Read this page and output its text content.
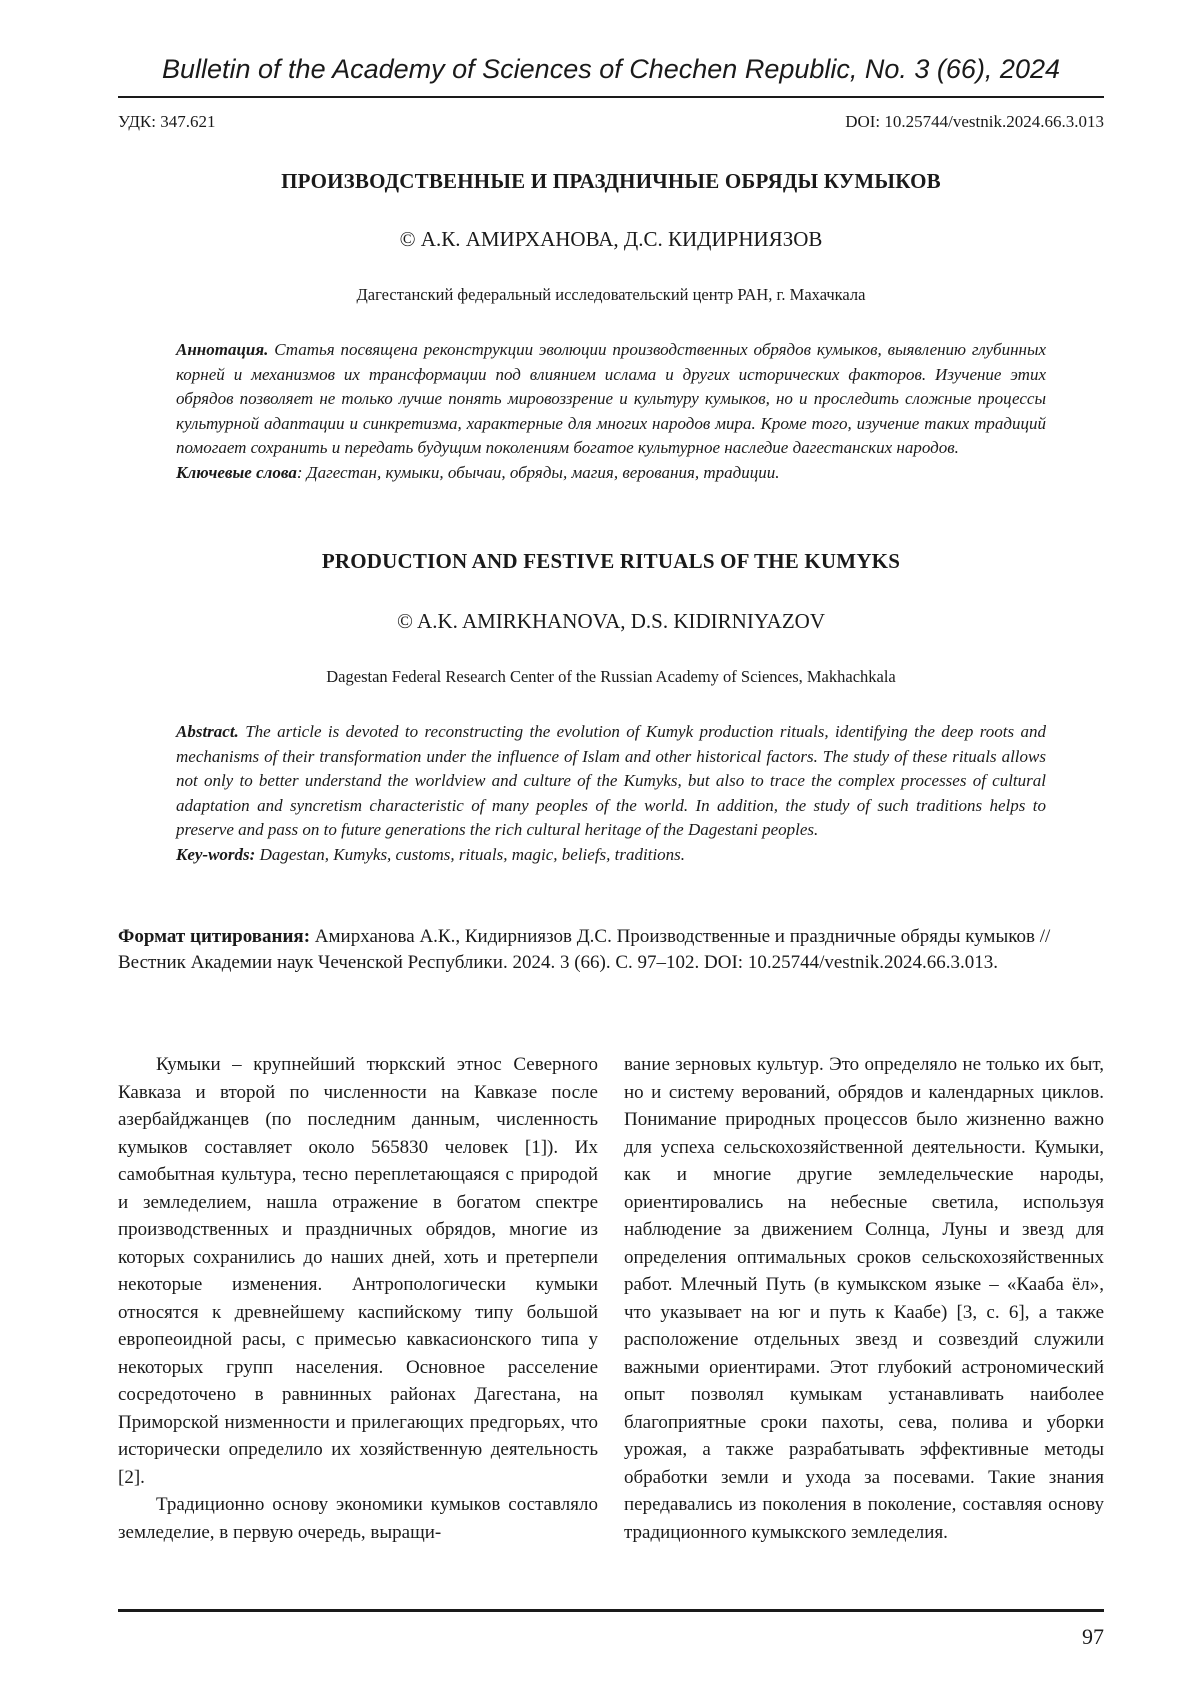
Bulletin of the Academy of Sciences of Chechen Republic, No. 3 (66), 2024
УДК: 347.621	DOI: 10.25744/vestnik.2024.66.3.013
ПРОИЗВОДСТВЕННЫЕ И ПРАЗДНИЧНЫЕ ОБРЯДЫ КУМЫКОВ
© А.К. АМИРХАНОВА, Д.С. КИДИРНИЯЗОВ
Дагестанский федеральный исследовательский центр РАН, г. Махачкала

Аннотация. Статья посвящена реконструкции эволюции производственных обрядов кумыков, выявлению глубинных корней и механизмов их трансформации под влиянием ислама и других исторических факторов. Изучение этих обрядов позволяет не только лучше понять мировоззрение и культуру кумыков, но и проследить сложные процессы культурной адаптации и синкретизма, характерные для многих народов мира. Кроме того, изучение таких традиций помогает сохранить и передать будущим поколениям богатое культурное наследие дагестанских народов.

Ключевые слова: Дагестан, кумыки, обычаи, обряды, магия, верования, традиции.

PRODUCTION AND FESTIVE RITUALS OF THE KUMYKS
© A.K. AMIRKHANOVA, D.S. KIDIRNIYAZOV
Dagestan Federal Research Center of the Russian Academy of Sciences, Makhachkala

Abstract. The article is devoted to reconstructing the evolution of Kumyk production rituals, identifying the deep roots and mechanisms of their transformation under the influence of Islam and other historical factors. The study of these rituals allows not only to better understand the worldview and culture of the Kumyks, but also to trace the complex processes of cultural adaptation and syncretism characteristic of many peoples of the world. In addition, the study of such traditions helps to preserve and pass on to future generations the rich cultural heritage of the Dagestani peoples.

Key-words: Dagestan, Kumyks, customs, rituals, magic, beliefs, traditions.

Формат цитирования: Амирханова А.К., Кидирниязов Д.С. Производственные и праздничные обряды кумыков // Вестник Академии наук Чеченской Республики. 2024. 3 (66). С. 97–102. DOI: 10.25744/vestnik.2024.66.3.013.

Кумыки – крупнейший тюркский этнос Северного Кавказа и второй по численности на Кавказе после азербайджанцев (по последним данным, численность кумыков составляет около 565830 человек [1]). Их самобытная культура, тесно переплетающаяся с природой и земледелием, нашла отражение в богатом спектре производственных и праздничных обрядов, многие из которых сохранились до наших дней, хоть и претерпели некоторые изменения. Антропологически кумыки относятся к древнейшему каспийскому типу большой европеоидной расы, с примесью кавкасионского типа у некоторых групп населения. Основное расселение сосредоточено в равнинных районах Дагестана, на Приморской низменности и прилегающих предгорьях, что исторически определило их хозяйственную деятельность [2].

Традиционно основу экономики кумыков составляло земледелие, в первую очередь, выращи-

вание зерновых культур. Это определяло не только их быт, но и систему верований, обрядов и календарных циклов. Понимание природных процессов было жизненно важно для успеха сельскохозяйственной деятельности. Кумыки, как и многие другие земледельческие народы, ориентировались на небесные светила, используя наблюдение за движением Солнца, Луны и звезд для определения оптимальных сроков сельскохозяйственных работ. Млечный Путь (в кумыкском языке – «Кааба ёл», что указывает на юг и путь к Каабе) [3, с. 6], а также расположение отдельных звезд и созвездий служили важными ориентирами. Этот глубокий астрономический опыт позволял кумыкам устанавливать наиболее благоприятные сроки пахоты, сева, полива и уборки урожая, а также разрабатывать эффективные методы обработки земли и ухода за посевами. Такие знания передавались из поколения в поколение, составляя основу традиционного кумыкского земледелия.

97
